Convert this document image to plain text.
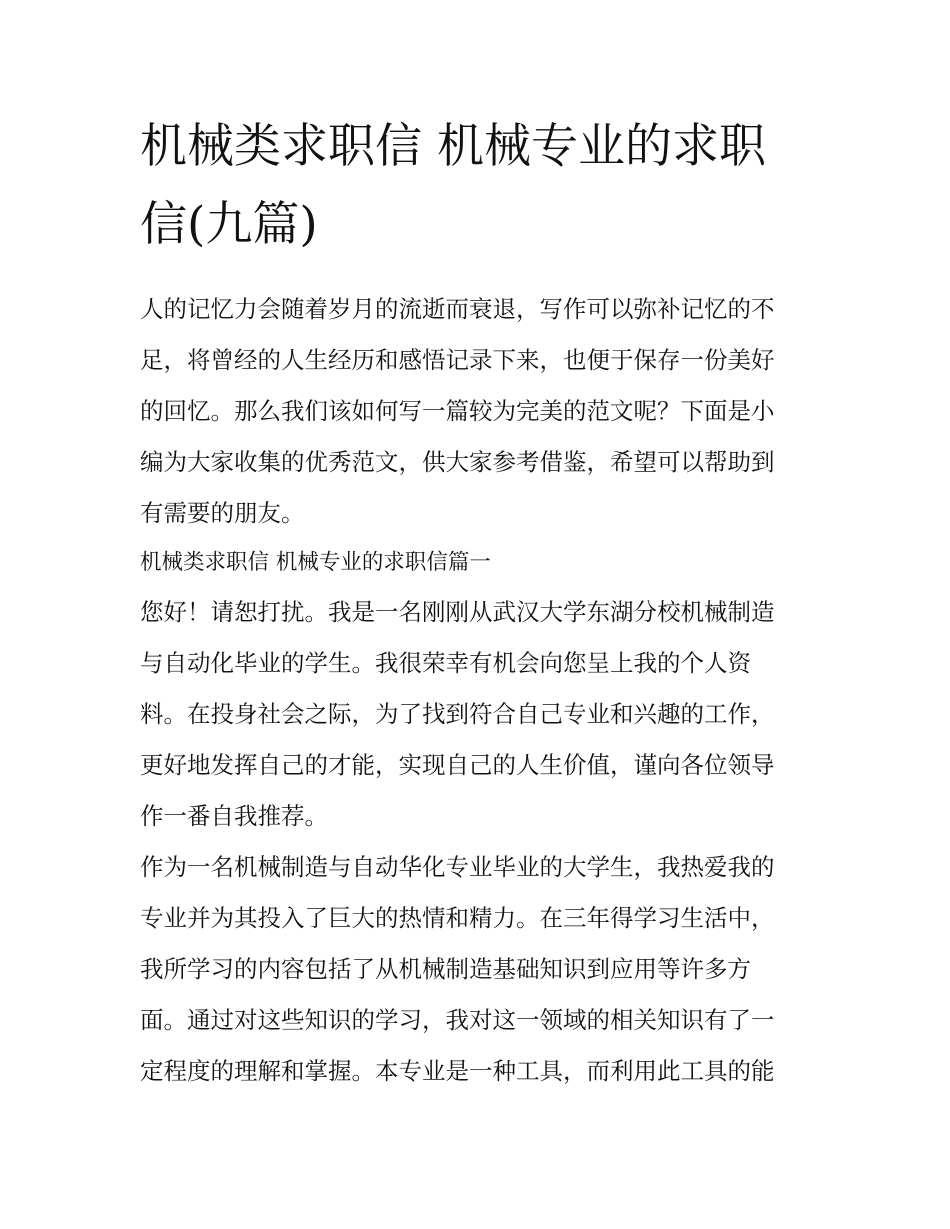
机械类求职信 机械专业的求职
信(九篇)

人的记忆力会随着岁月的流逝而衰退，写作可以弥补记忆的不
足，将曾经的人生经历和感悟记录下来，也便于保存一份美好
的回忆。那么我们该如何写一篇较为完美的范文呢？下面是小
编为大家收集的优秀范文，供大家参考借鉴，希望可以帮助到
有需要的朋友。

机械类求职信 机械专业的求职信篇一

您好！请恕打扰。我是一名刚刚从武汉大学东湖分校机械制造
与自动化毕业的学生。我很荣幸有机会向您呈上我的个人资
料。在投身社会之际，为了找到符合自己专业和兴趣的工作，
更好地发挥自己的才能，实现自己的人生价值，谨向各位领导
作一番自我推荐。

作为一名机械制造与自动华化专业毕业的大学生，我热爱我的
专业并为其投入了巨大的热情和精力。在三年得学习生活中，
我所学习的内容包括了从机械制造基础知识到应用等许多方
面。通过对这些知识的学习，我对这一领域的相关知识有了一
定程度的理解和掌握。本专业是一种工具，而利用此工具的能
